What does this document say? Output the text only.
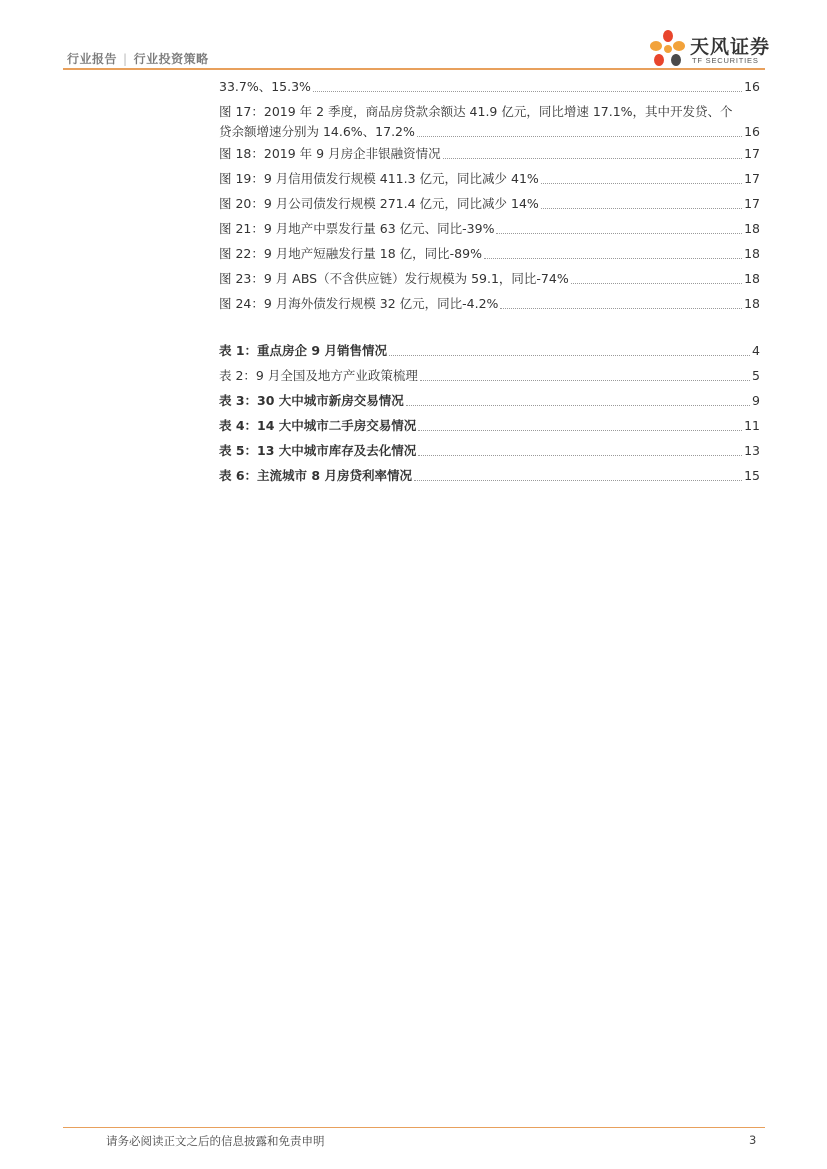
行业报告 | 行业投资策略
天风证券
TF SECURITIES
33.7%、15.3%	16
图 17：2019 年 2 季度，商品房贷款余额达 41.9 亿元，同比增速 17.1%，其中开发贷、个
贷余额增速分别为 14.6%、17.2%	16
图 18：2019 年 9 月房企非银融资情况	17
图 19：9 月信用债发行规模 411.3 亿元，同比减少 41%	17
图 20：9 月公司债发行规模 271.4 亿元，同比减少 14%	17
图 21：9 月地产中票发行量 63 亿元、同比-39%	18
图 22：9 月地产短融发行量 18 亿，同比-89%	18
图 23：9 月 ABS（不含供应链）发行规模为 59.1，同比-74%	18
图 24：9 月海外债发行规模 32 亿元，同比-4.2%	18
表 1：重点房企 9 月销售情况	4
表 2：9 月全国及地方产业政策梳理	5
表 3：30 大中城市新房交易情况	9
表 4：14 大中城市二手房交易情况	11
表 5：13 大中城市库存及去化情况	13
表 6：主流城市 8 月房贷利率情况	15
请务必阅读正文之后的信息披露和免责申明	3
